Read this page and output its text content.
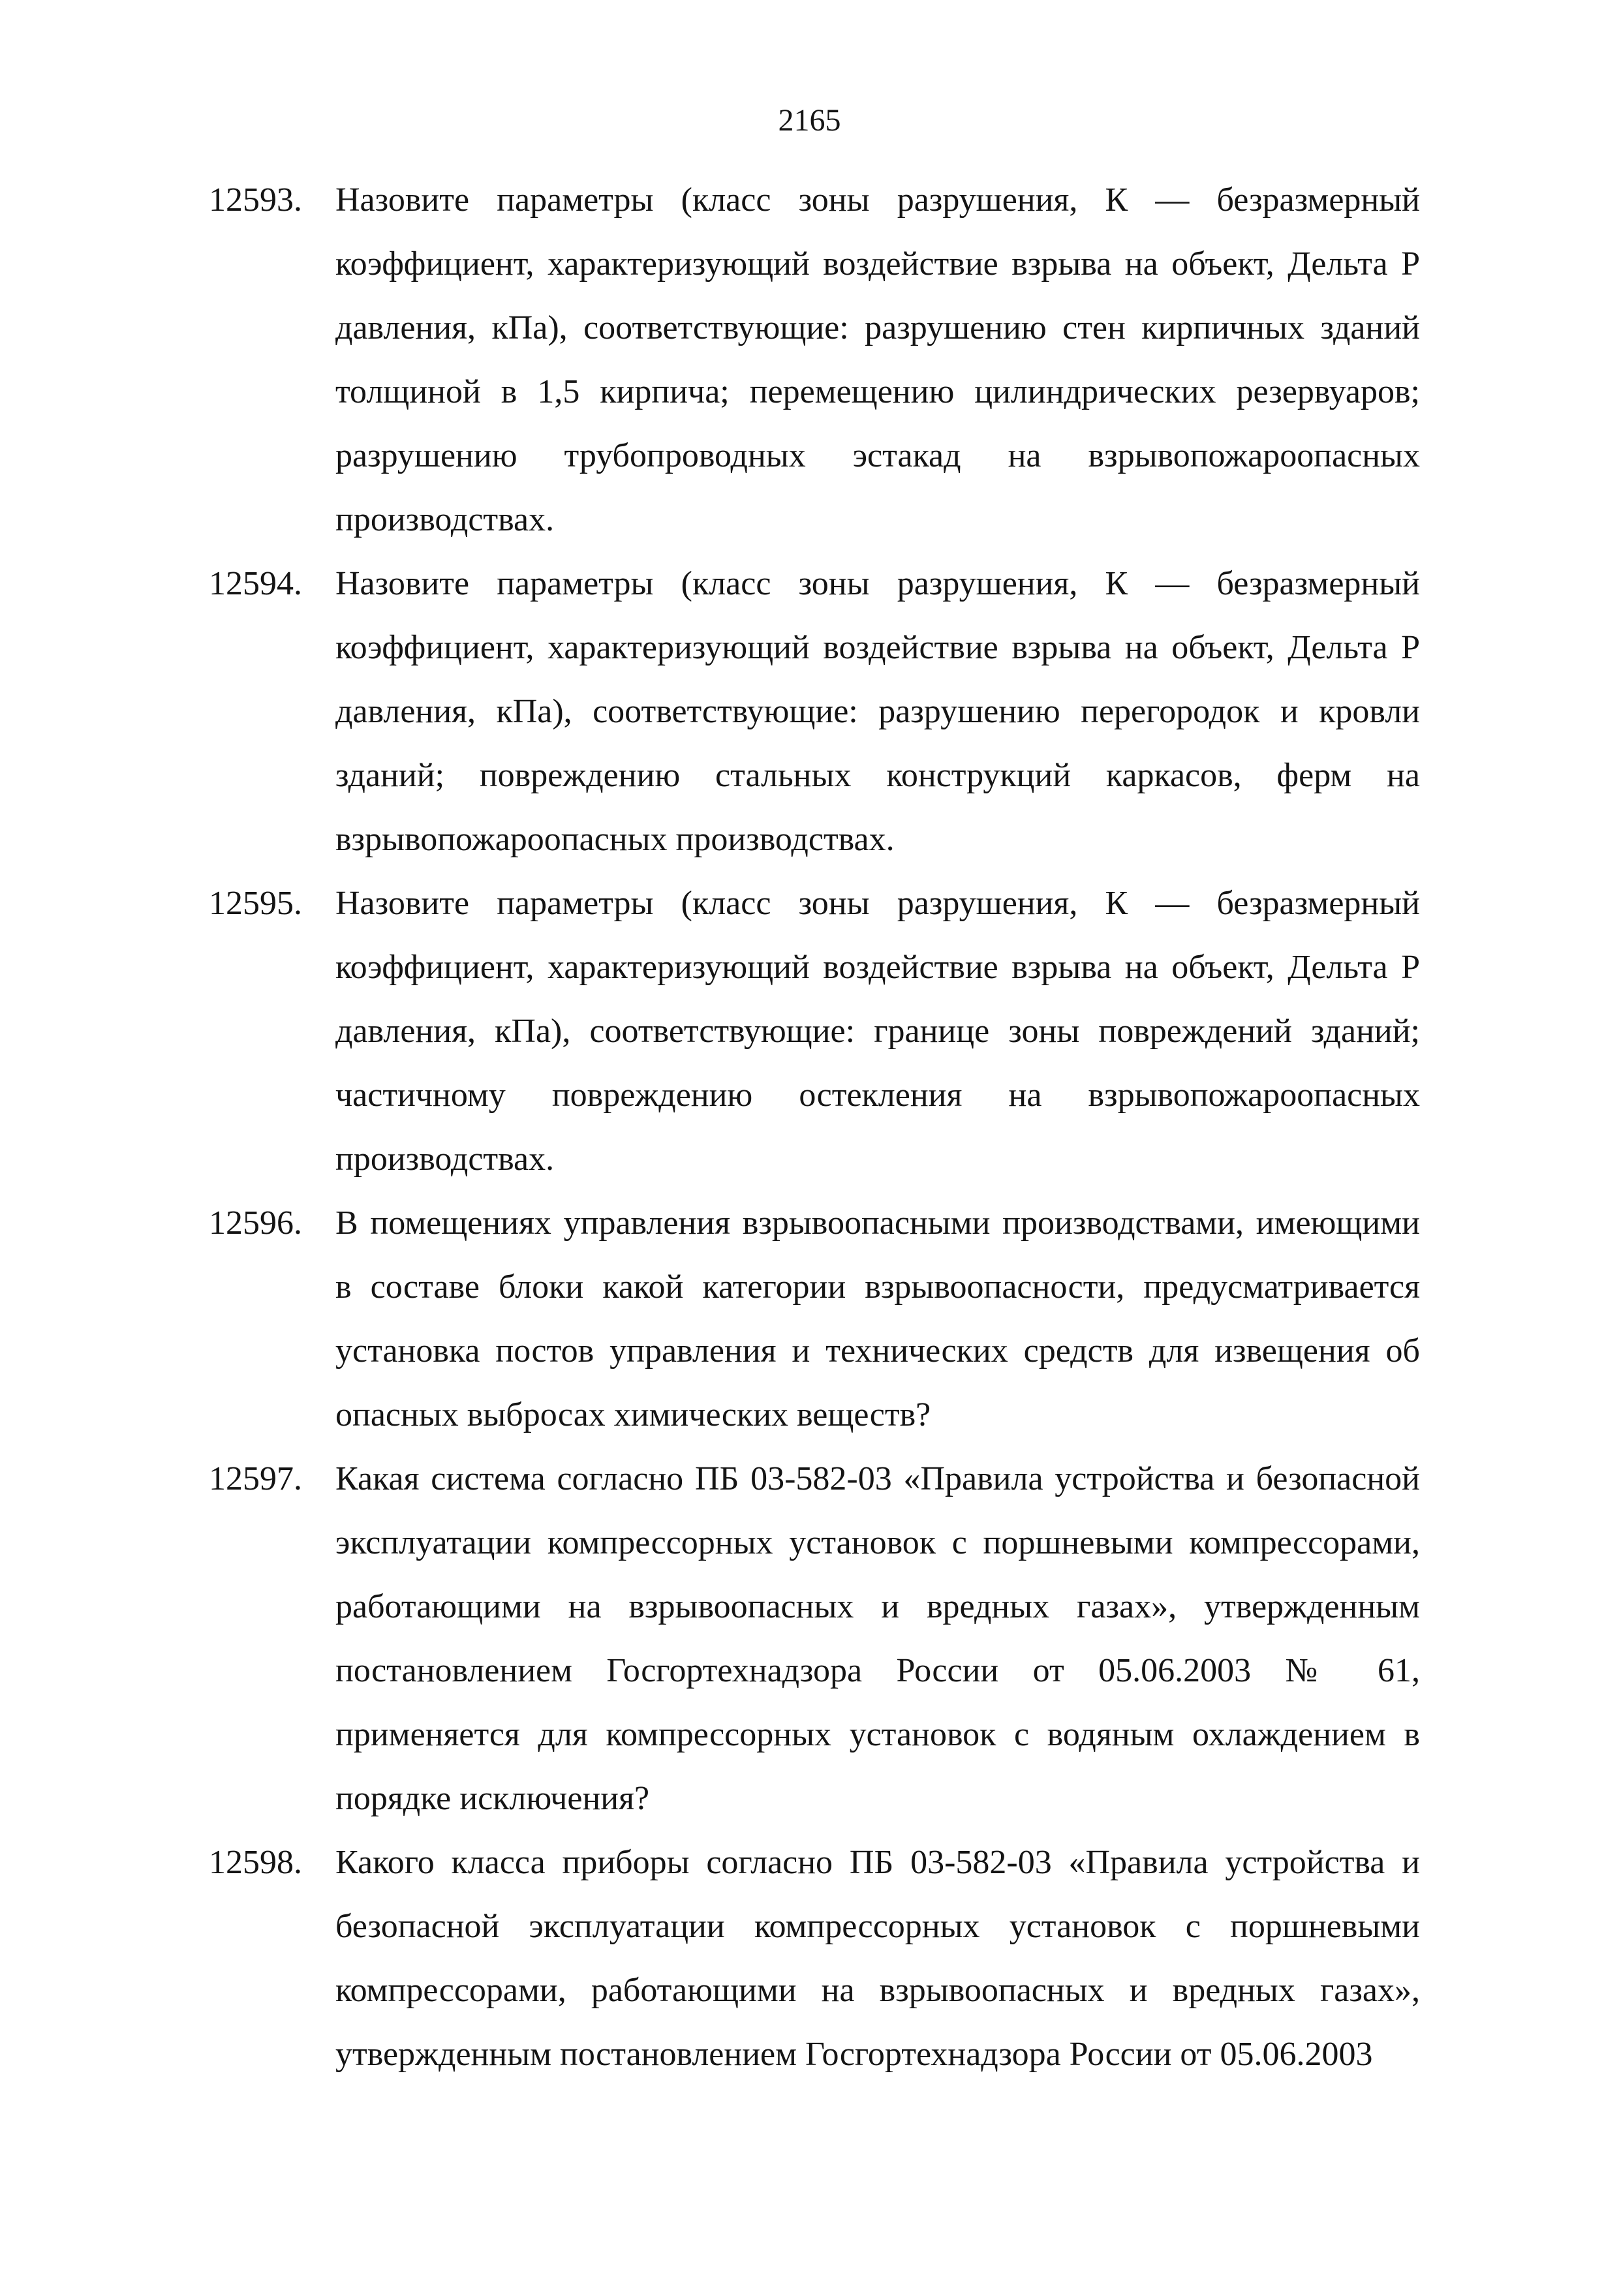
2165
12593. Назовите параметры (класс зоны разрушения, К — безразмерный коэффициент, характеризующий воздействие взрыва на объект, Дельта Р давления, кПа), соответствующие: разрушению стен кирпичных зданий толщиной в 1,5 кирпича; перемещению цилиндрических резервуаров; разрушению трубопроводных эстакад на взрывопожароопасных производствах.
12594. Назовите параметры (класс зоны разрушения, К — безразмерный коэффициент, характеризующий воздействие взрыва на объект, Дельта Р давления, кПа), соответствующие: разрушению перегородок и кровли зданий; повреждению стальных конструкций каркасов, ферм на взрывопожароопасных производствах.
12595. Назовите параметры (класс зоны разрушения, К — безразмерный коэффициент, характеризующий воздействие взрыва на объект, Дельта Р давления, кПа), соответствующие: границе зоны повреждений зданий; частичному повреждению остекления на взрывопожароопасных производствах.
12596. В помещениях управления взрывоопасными производствами, имеющими в составе блоки какой категории взрывоопасности, предусматривается установка постов управления и технических средств для извещения об опасных выбросах химических веществ?
12597. Какая система согласно ПБ 03-582-03 «Правила устройства и безопасной эксплуатации компрессорных установок с поршневыми компрессорами, работающими на взрывоопасных и вредных газах», утвержденным постановлением Госгортехнадзора России от 05.06.2003 № 61, применяется для компрессорных установок с водяным охлаждением в порядке исключения?
12598. Какого класса приборы согласно ПБ 03-582-03 «Правила устройства и безопасной эксплуатации компрессорных установок с поршневыми компрессорами, работающими на взрывоопасных и вредных газах», утвержденным постановлением Госгортехнадзора России от 05.06.2003
